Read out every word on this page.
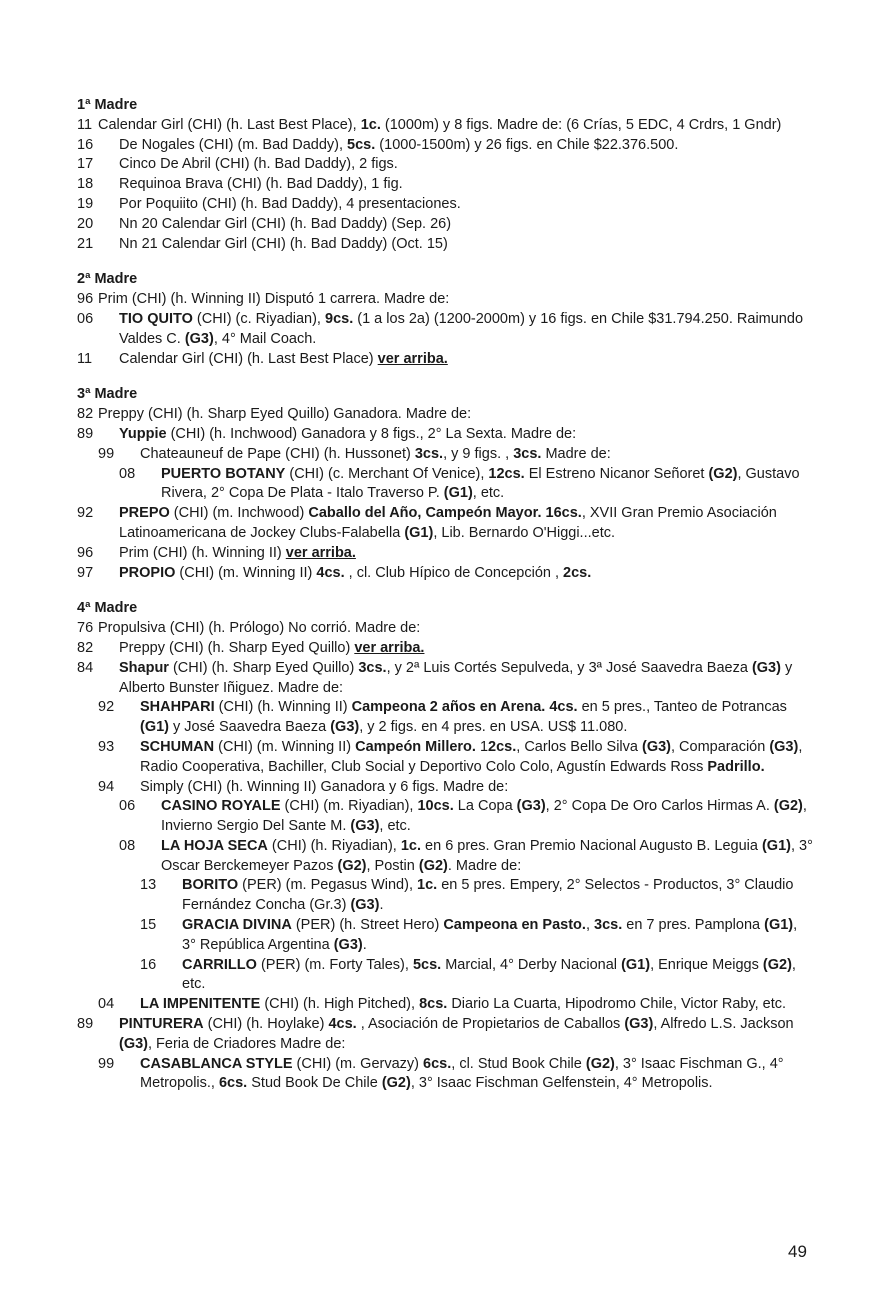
1ª Madre
11 Calendar Girl (CHI) (h. Last Best Place), 1c. (1000m) y 8 figs. Madre de: (6 Crías, 5 EDC, 4 Crdrs, 1 Gndr)
16 De Nogales (CHI) (m. Bad Daddy), 5cs. (1000-1500m) y 26 figs. en Chile $22.376.500.
17 Cinco De Abril (CHI) (h. Bad Daddy), 2 figs.
18 Requinoa Brava (CHI) (h. Bad Daddy), 1 fig.
19 Por Poquiito (CHI) (h. Bad Daddy), 4 presentaciones.
20 Nn 20 Calendar Girl (CHI) (h. Bad Daddy) (Sep. 26)
21 Nn 21 Calendar Girl (CHI) (h. Bad Daddy) (Oct. 15)
2ª Madre
96 Prim (CHI) (h. Winning II) Disputó 1 carrera. Madre de:
06 TIO QUITO (CHI) (c. Riyadian), 9cs. (1 a los 2a) (1200-2000m) y 16 figs. en Chile $31.794.250. Raimundo Valdes C. (G3), 4° Mail Coach.
11 Calendar Girl (CHI) (h. Last Best Place) ver arriba.
3ª Madre
82 Preppy (CHI) (h. Sharp Eyed Quillo) Ganadora. Madre de:
89 Yuppie (CHI) (h. Inchwood) Ganadora y 8 figs., 2° La Sexta. Madre de:
99 Chateauneuf de Pape (CHI) (h. Hussonet) 3cs., y 9 figs. , 3cs. Madre de:
08 PUERTO BOTANY (CHI) (c. Merchant Of Venice), 12cs. El Estreno Nicanor Señoret (G2), Gustavo Rivera, 2° Copa De Plata - Italo Traverso P. (G1), etc.
92 PREPO (CHI) (m. Inchwood) Caballo del Año, Campeón Mayor. 16cs., XVII Gran Premio Asociación Latinoamericana de Jockey Clubs-Falabella (G1), Lib. Bernardo O'Higgi...etc.
96 Prim (CHI) (h. Winning II) ver arriba.
97 PROPIO (CHI) (m. Winning II) 4cs. , cl. Club Hípico de Concepción , 2cs.
4ª Madre
76 Propulsiva (CHI) (h. Prólogo) No corrió. Madre de:
82 Preppy (CHI) (h. Sharp Eyed Quillo) ver arriba.
84 Shapur (CHI) (h. Sharp Eyed Quillo) 3cs., y 2ª Luis Cortés Sepulveda, y 3ª José Saavedra Baeza (G3) y Alberto Bunster Iñiguez. Madre de:
92 SHAHPARI (CHI) (h. Winning II) Campeona 2 años en Arena. 4cs. en 5 pres., Tanteo de Potrancas (G1) y José Saavedra Baeza (G3), y 2 figs. en 4 pres. en USA. US$ 11.080.
93 SCHUMAN (CHI) (m. Winning II) Campeón Millero. 12cs., Carlos Bello Silva (G3), Comparación (G3), Radio Cooperativa, Bachiller, Club Social y Deportivo Colo Colo, Agustín Edwards Ross Padrillo.
94 Simply (CHI) (h. Winning II) Ganadora y 6 figs. Madre de:
06 CASINO ROYALE (CHI) (m. Riyadian), 10cs. La Copa (G3), 2° Copa De Oro Carlos Hirmas A. (G2), Invierno Sergio Del Sante M. (G3), etc.
08 LA HOJA SECA (CHI) (h. Riyadian), 1c. en 6 pres. Gran Premio Nacional Augusto B. Leguia (G1), 3° Oscar Berckemeyer Pazos (G2), Postin (G2). Madre de:
13 BORITO (PER) (m. Pegasus Wind), 1c. en 5 pres. Empery, 2° Selectos - Productos, 3° Claudio Fernández Concha (Gr.3) (G3).
15 GRACIA DIVINA (PER) (h. Street Hero) Campeona en Pasto., 3cs. en 7 pres. Pamplona (G1), 3° República Argentina (G3).
16 CARRILLO (PER) (m. Forty Tales), 5cs. Marcial, 4° Derby Nacional (G1), Enrique Meiggs (G2), etc.
04 LA IMPENITENTE (CHI) (h. High Pitched), 8cs. Diario La Cuarta, Hipodromo Chile, Victor Raby, etc.
89 PINTURERA (CHI) (h. Hoylake) 4cs. , Asociación de Propietarios de Caballos (G3), Alfredo L.S. Jackson (G3), Feria de Criadores Madre de:
99 CASABLANCA STYLE (CHI) (m. Gervazy) 6cs., cl. Stud Book Chile (G2), 3° Isaac Fischman G., 4° Metropolis., 6cs. Stud Book De Chile (G2), 3° Isaac Fischman Gelfenstein, 4° Metropolis.
49
